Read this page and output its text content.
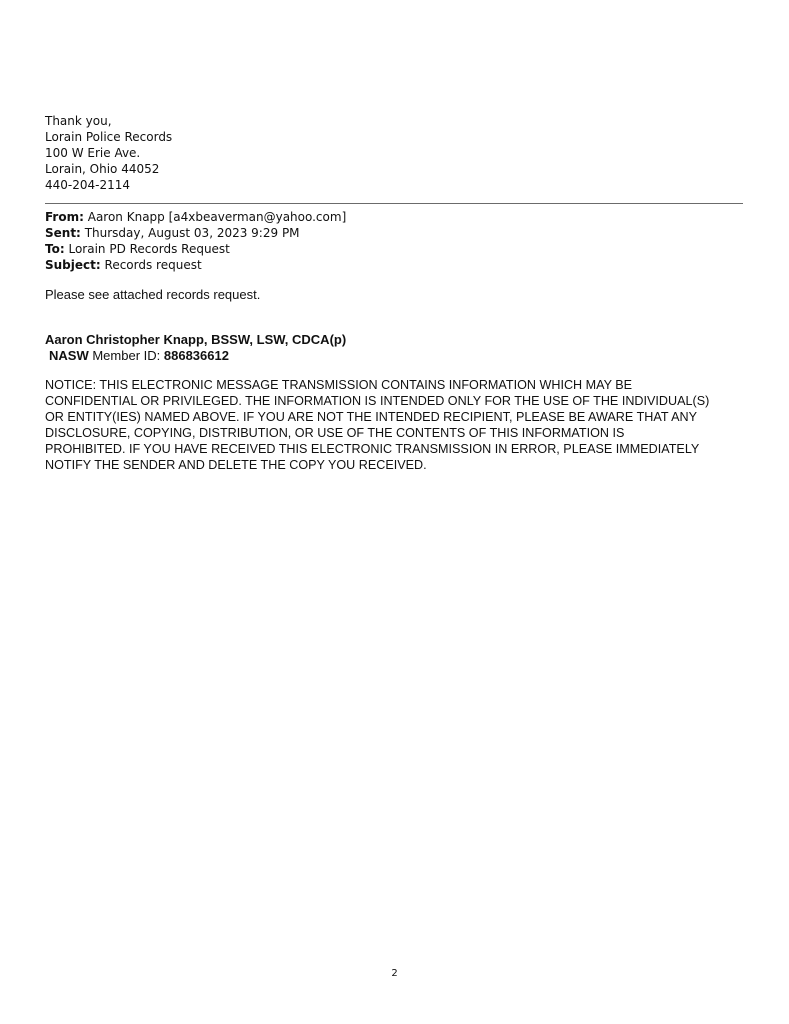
Thank you,
Lorain Police Records
100 W Erie Ave.
Lorain, Ohio 44052
440-204-2114
From: Aaron Knapp [a4xbeaverman@yahoo.com]
Sent: Thursday, August 03, 2023 9:29 PM
To: Lorain PD Records Request
Subject: Records request
Please see attached records request.
Aaron Christopher Knapp, BSSW, LSW, CDCA(p)
NASW Member ID: 886836612
NOTICE: THIS ELECTRONIC MESSAGE TRANSMISSION CONTAINS INFORMATION WHICH MAY BE
CONFIDENTIAL OR PRIVILEGED. THE INFORMATION IS INTENDED ONLY FOR THE USE OF THE INDIVIDUAL(S)
OR ENTITY(IES) NAMED ABOVE. IF YOU ARE NOT THE INTENDED RECIPIENT, PLEASE BE AWARE THAT ANY
DISCLOSURE, COPYING, DISTRIBUTION, OR USE OF THE CONTENTS OF THIS INFORMATION IS
PROHIBITED. IF YOU HAVE RECEIVED THIS ELECTRONIC TRANSMISSION IN ERROR, PLEASE IMMEDIATELY
NOTIFY THE SENDER AND DELETE THE COPY YOU RECEIVED.
2
